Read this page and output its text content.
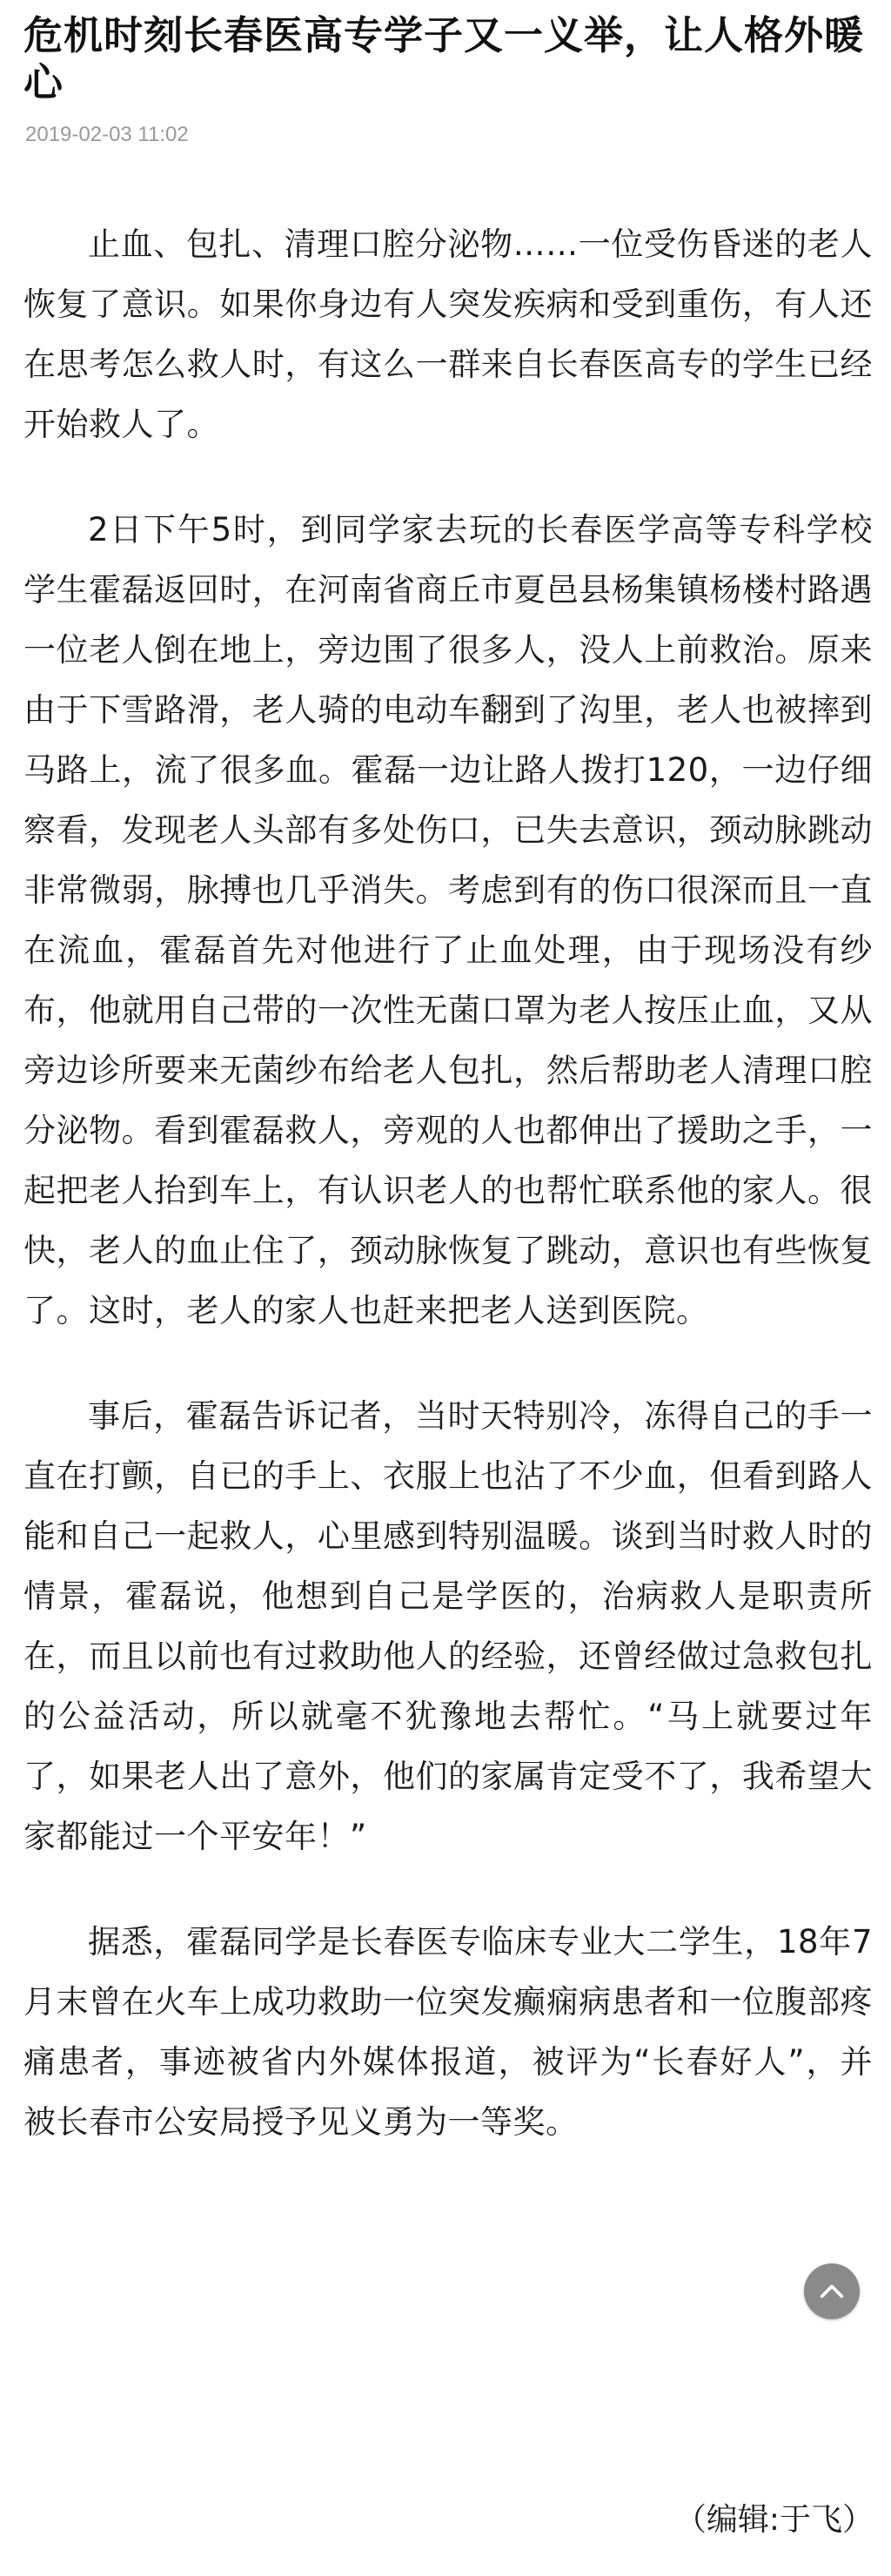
危机时刻长春医高专学子又一义举，让人格外暖心
2019-02-03 11:02

止血、包扎、清理口腔分泌物……一位受伤昏迷的老人恢复了意识。如果你身边有人突发疾病和受到重伤，有人还在思考怎么救人时，有这么一群来自长春医高专的学生已经开始救人了。

2日下午5时，到同学家去玩的长春医学高等专科学校学生霍磊返回时，在河南省商丘市夏邑县杨集镇杨楼村路遇一位老人倒在地上，旁边围了很多人，没人上前救治。原来由于下雪路滑，老人骑的电动车翻到了沟里，老人也被摔到马路上，流了很多血。霍磊一边让路人拨打120，一边仔细察看，发现老人头部有多处伤口，已失去意识，颈动脉跳动非常微弱，脉搏也几乎消失。考虑到有的伤口很深而且一直在流血，霍磊首先对他进行了止血处理，由于现场没有纱布，他就用自己带的一次性无菌口罩为老人按压止血，又从旁边诊所要来无菌纱布给老人包扎，然后帮助老人清理口腔分泌物。看到霍磊救人，旁观的人也都伸出了援助之手，一起把老人抬到车上，有认识老人的也帮忙联系他的家人。很快，老人的血止住了，颈动脉恢复了跳动，意识也有些恢复了。这时，老人的家人也赶来把老人送到医院。

事后，霍磊告诉记者，当时天特别冷，冻得自己的手一直在打颤，自已的手上、衣服上也沾了不少血，但看到路人能和自己一起救人，心里感到特别温暖。谈到当时救人时的情景，霍磊说，他想到自己是学医的，治病救人是职责所在，而且以前也有过救助他人的经验，还曾经做过急救包扎的公益活动，所以就毫不犹豫地去帮忙。“马上就要过年了，如果老人出了意外，他们的家属肯定受不了，我希望大家都能过一个平安年！”

据悉，霍磊同学是长春医专临床专业大二学生，18年7月末曾在火车上成功救助一位突发癫痫病患者和一位腹部疼痛患者，事迹被省内外媒体报道，被评为“长春好人”，并被长春市公安局授予见义勇为一等奖。

（编辑:于飞）
